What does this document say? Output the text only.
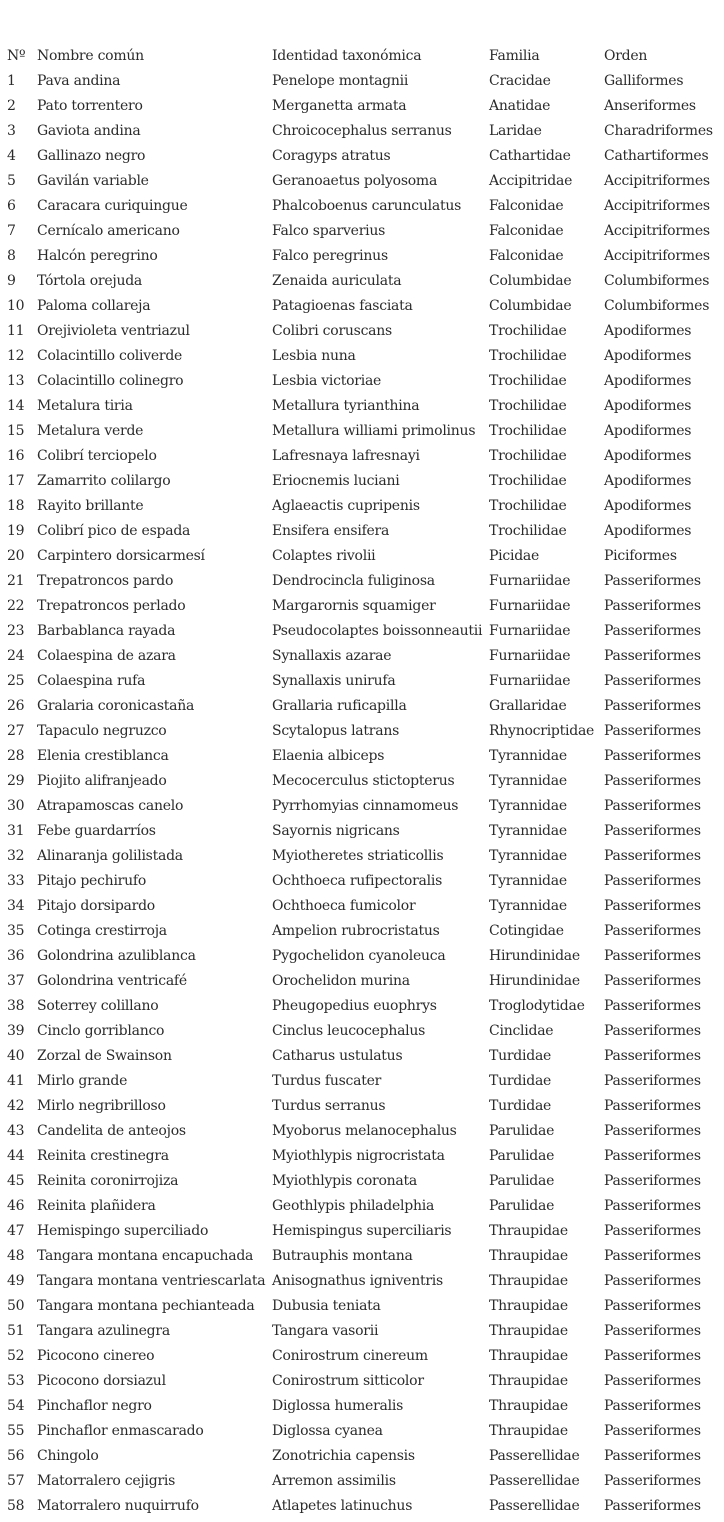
Nº	Nombre común	Identidad taxonómica	Familia	Orden
1	Pava andina	Penelope montagnii	Cracidae	Galliformes
2	Pato torrentero	Merganetta armata	Anatidae	Anseriformes
3	Gaviota andina	Chroicocephalus serranus	Laridae	Charadriformes
4	Gallinazo negro	Coragyps atratus	Cathartidae	Cathartiformes
5	Gavilán variable	Geranoaetus polyosoma	Accipitridae	Accipitriformes
6	Caracara curiquingue	Phalcoboenus carunculatus	Falconidae	Accipitriformes
7	Cernícalo americano	Falco sparverius	Falconidae	Accipitriformes
8	Halcón peregrino	Falco peregrinus	Falconidae	Accipitriformes
9	Tórtola orejuda	Zenaida auriculata	Columbidae	Columbiformes
10	Paloma collareja	Patagioenas fasciata	Columbidae	Columbiformes
11	Orejivioleta ventriazul	Colibri coruscans	Trochilidae	Apodiformes
12	Colacintillo coliverde	Lesbia nuna	Trochilidae	Apodiformes
13	Colacintillo colinegro	Lesbia victoriae	Trochilidae	Apodiformes
14	Metalura tiria	Metallura tyrianthina	Trochilidae	Apodiformes
15	Metalura verde	Metallura williami primolinus	Trochilidae	Apodiformes
16	Colibrí terciopelo	Lafresnaya lafresnayi	Trochilidae	Apodiformes
17	Zamarrito colilargo	Eriocnemis luciani	Trochilidae	Apodiformes
18	Rayito brillante	Aglaeactis cupripenis	Trochilidae	Apodiformes
19	Colibrí pico de espada	Ensifera ensifera	Trochilidae	Apodiformes
20	Carpintero dorsicarmesí	Colaptes rivolii	Picidae	Piciformes
21	Trepatroncos pardo	Dendrocincla fuliginosa	Furnariidae	Passeriformes
22	Trepatroncos perlado	Margarornis squamiger	Furnariidae	Passeriformes
23	Barbablanca rayada	Pseudocolaptes boissonneautii	Furnariidae	Passeriformes
24	Colaespina de azara	Synallaxis azarae	Furnariidae	Passeriformes
25	Colaespina rufa	Synallaxis unirufa	Furnariidae	Passeriformes
26	Gralaria coronicastaña	Grallaria ruficapilla	Grallaridae	Passeriformes
27	Tapaculo negruzco	Scytalopus latrans	Rhynocriptidae	Passeriformes
28	Elenia crestiblanca	Elaenia albiceps	Tyrannidae	Passeriformes
29	Piojito alifranjeado	Mecocerculus stictopterus	Tyrannidae	Passeriformes
30	Atrapamoscas canelo	Pyrrhomyias cinnamomeus	Tyrannidae	Passeriformes
31	Febe guardarríos	Sayornis nigricans	Tyrannidae	Passeriformes
32	Alinaranja golilistada	Myiotheretes striaticollis	Tyrannidae	Passeriformes
33	Pitajo pechirufo	Ochthoeca rufipectoralis	Tyrannidae	Passeriformes
34	Pitajo dorsipardo	Ochthoeca fumicolor	Tyrannidae	Passeriformes
35	Cotinga crestirroja	Ampelion rubrocristatus	Cotingidae	Passeriformes
36	Golondrina azuliblanca	Pygochelidon cyanoleuca	Hirundinidae	Passeriformes
37	Golondrina ventricafé	Orochelidon murina	Hirundinidae	Passeriformes
38	Soterrey colillano	Pheugopedius euophrys	Troglodytidae	Passeriformes
39	Cinclo gorriblanco	Cinclus leucocephalus	Cinclidae	Passeriformes
40	Zorzal de Swainson	Catharus ustulatus	Turdidae	Passeriformes
41	Mirlo grande	Turdus fuscater	Turdidae	Passeriformes
42	Mirlo negribrilloso	Turdus serranus	Turdidae	Passeriformes
43	Candelita de anteojos	Myoborus melanocephalus	Parulidae	Passeriformes
44	Reinita crestinegra	Myiothlypis nigrocristata	Parulidae	Passeriformes
45	Reinita coronirrojiza	Myiothlypis coronata	Parulidae	Passeriformes
46	Reinita plañidera	Geothlypis philadelphia	Parulidae	Passeriformes
47	Hemispingo superciliado	Hemispingus superciliaris	Thraupidae	Passeriformes
48	Tangara montana encapuchada	Butrauphis montana	Thraupidae	Passeriformes
49	Tangara montana ventriescarlata	Anisognathus igniventris	Thraupidae	Passeriformes
50	Tangara montana pechianteada	Dubusia teniata	Thraupidae	Passeriformes
51	Tangara azulinegra	Tangara vasorii	Thraupidae	Passeriformes
52	Picocono cinereo	Conirostrum cinereum	Thraupidae	Passeriformes
53	Picocono dorsiazul	Conirostrum sitticolor	Thraupidae	Passeriformes
54	Pinchaflor negro	Diglossa humeralis	Thraupidae	Passeriformes
55	Pinchaflor enmascarado	Diglossa cyanea	Thraupidae	Passeriformes
56	Chingolo	Zonotrichia capensis	Passerellidae	Passeriformes
57	Matorralero cejigris	Arremon assimilis	Passerellidae	Passeriformes
58	Matorralero nuquirrufo	Atlapetes latinuchus	Passerellidae	Passeriformes
